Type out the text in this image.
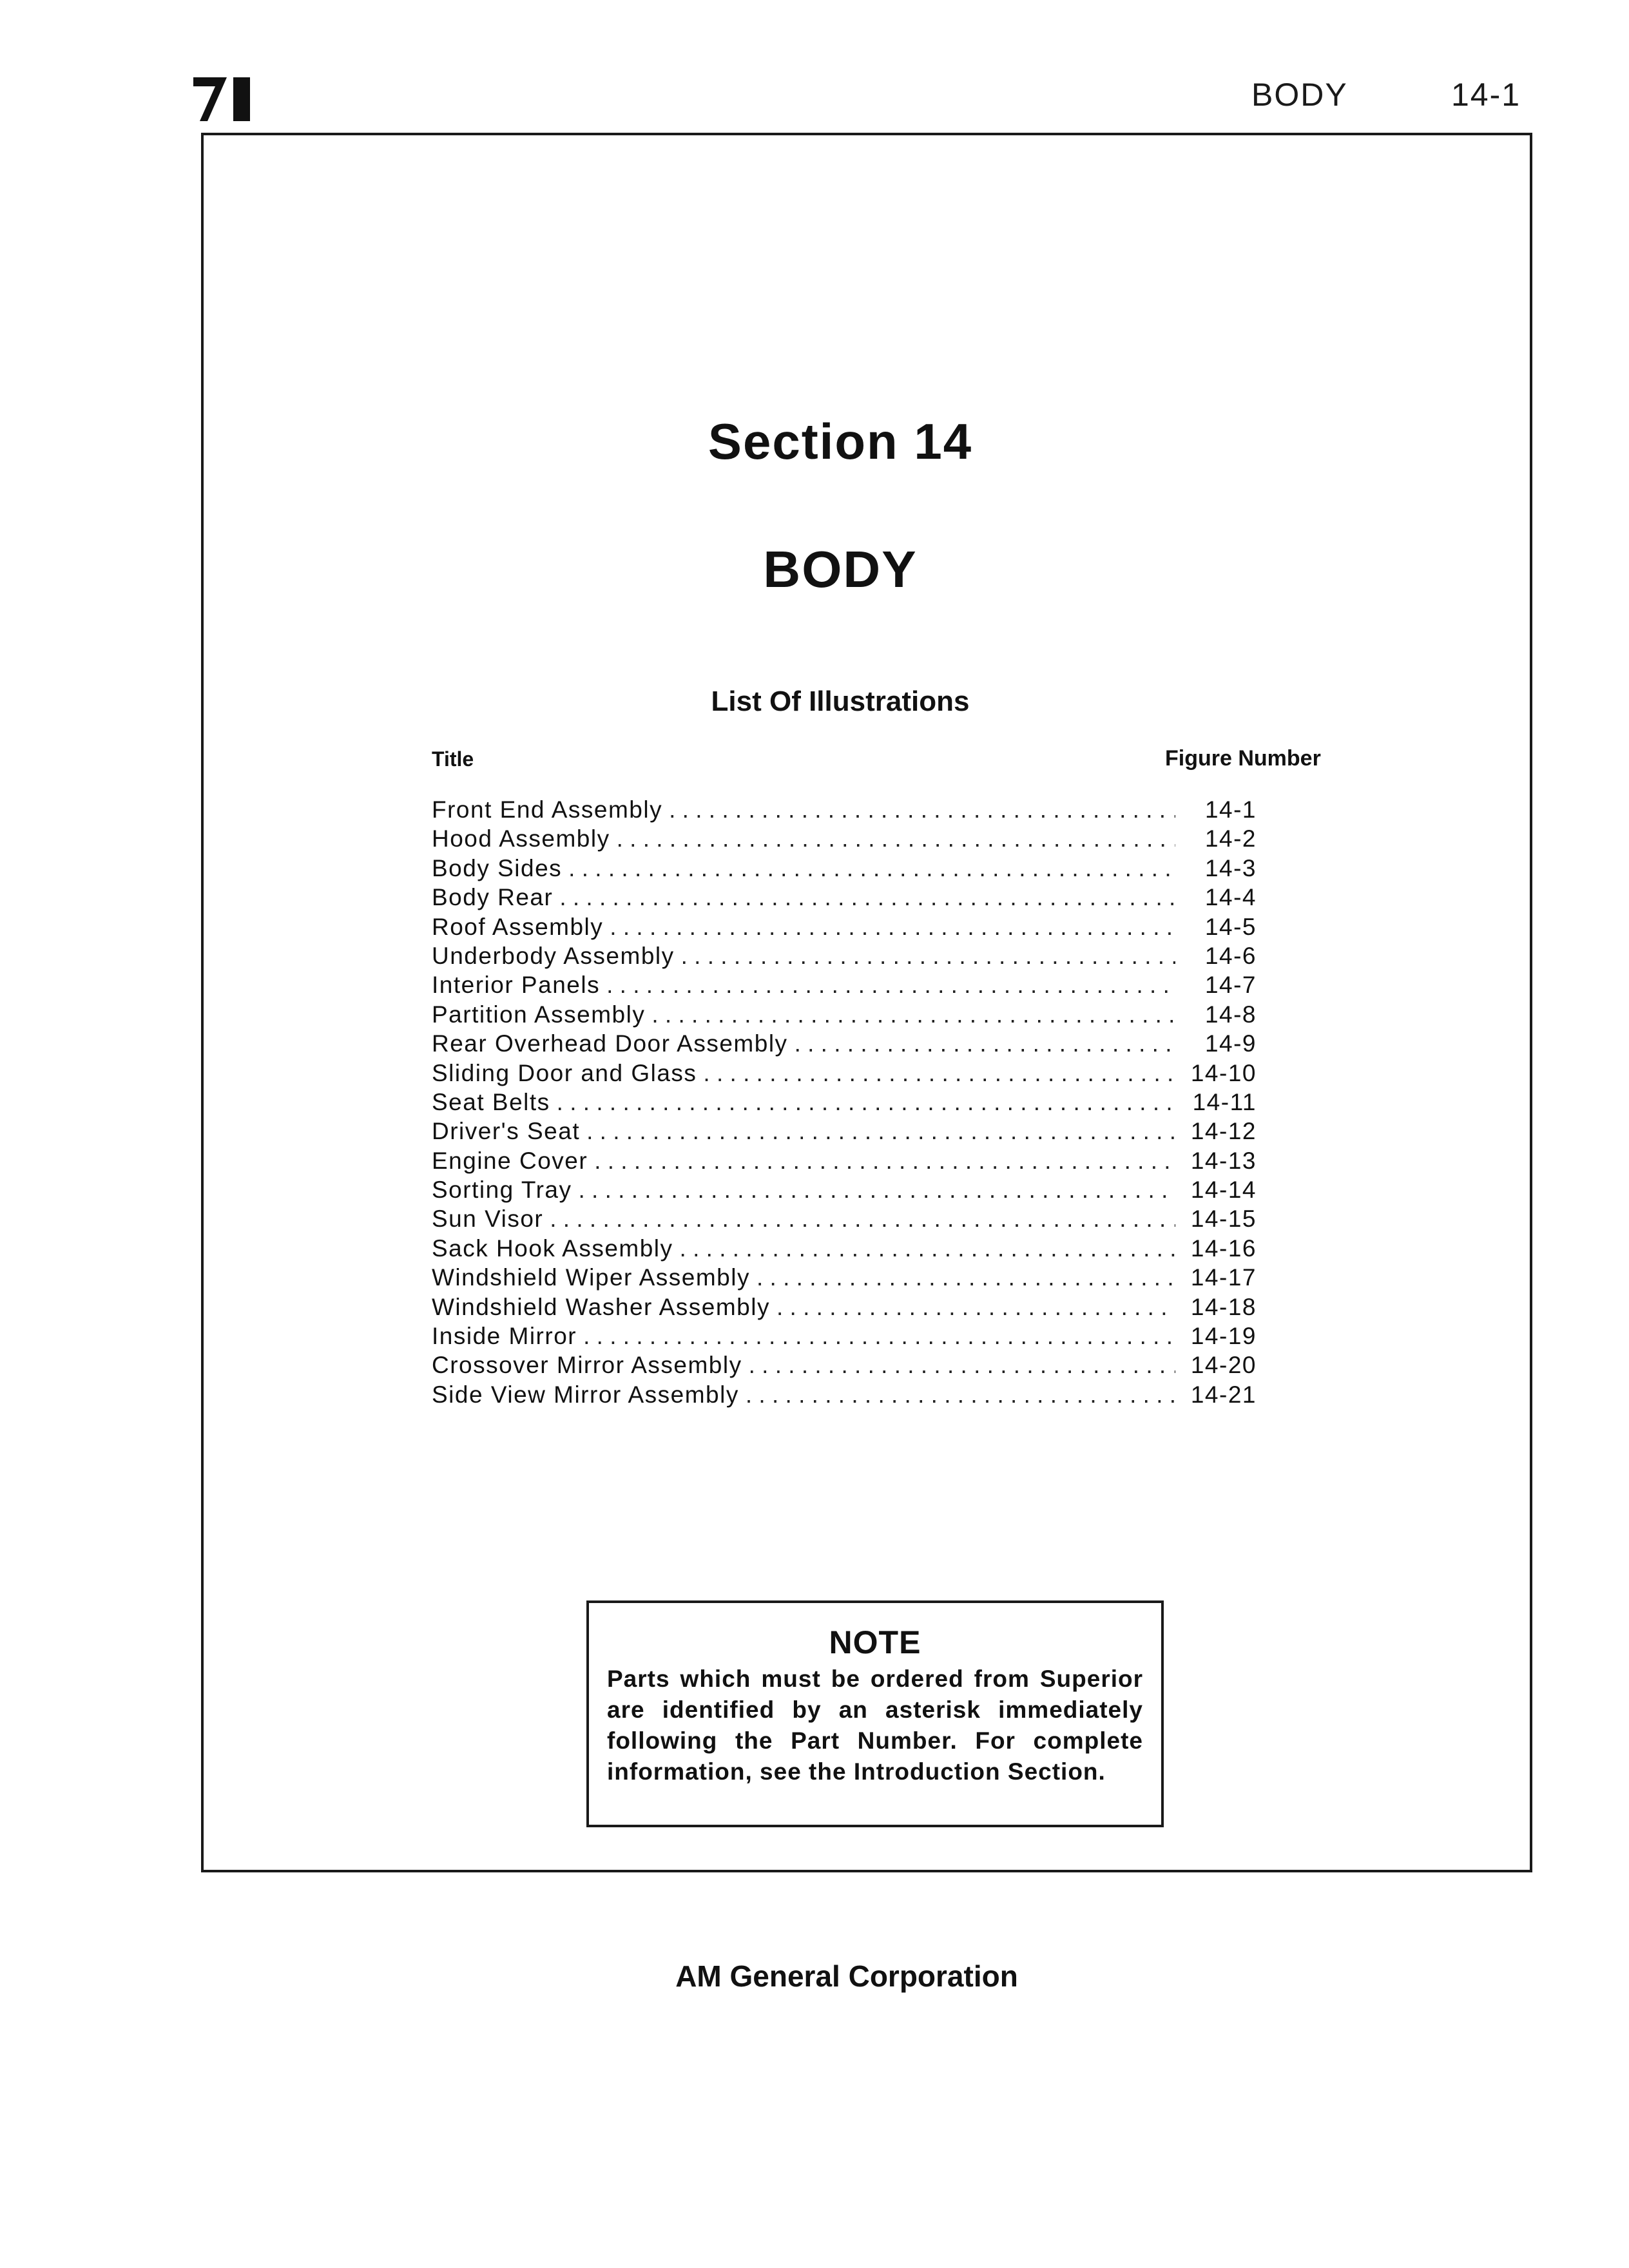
BODY	14-1
Section 14
BODY
List Of Illustrations
Title	Figure Number
Front End Assembly . . .	14-1
Hood Assembly . . .	14-2
Body Sides . . .	14-3
Body Rear . . .	14-4
Roof Assembly . . .	14-5
Underbody Assembly . . .	14-6
Interior Panels . . .	14-7
Partition Assembly . . .	14-8
Rear Overhead Door Assembly . . .	14-9
Sliding Door and Glass . . .	14-10
Seat Belts . . .	14-11
Driver's Seat . . .	14-12
Engine Cover . . .	14-13
Sorting Tray . . .	14-14
Sun Visor . . .	14-15
Sack Hook Assembly . . .	14-16
Windshield Wiper Assembly . . .	14-17
Windshield Washer Assembly . . .	14-18
Inside Mirror . . .	14-19
Crossover Mirror Assembly . . .	14-20
Side View Mirror Assembly . . .	14-21
NOTE
Parts which must be ordered from Superior are identified by an asterisk immediately following the Part Number. For complete information, see the Introduction Section.
AM General Corporation
